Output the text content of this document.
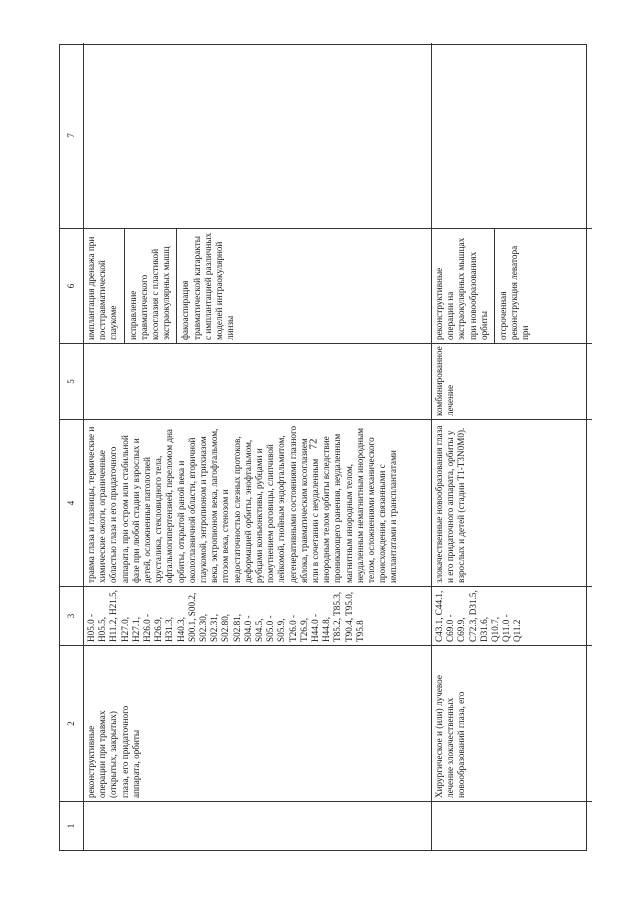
72
1
2
3
4
5
6
7
реконструктивные
операции при травмах
(открытых, закрытых)
глаза, его придаточного
аппарата, орбиты
H05.0 - H05.5,
H11.2, H21.5,
H27.0, H27.1,
H26.0 - H26.9,
H31.3, H40.3,
S00.1, S00.2,
S02.30, S02.31,
S02.80, S02.81,
S04.0 - S04.5,
S05.0 - S05.9,
T26.0 - T26.9,
H44.0 - H44.8,
T85.2, T85.3,
T90.4, T95.0,
T95.8
травма глаза и глазницы, термические и химические ожоги, ограниченные областью глаза и его придаточного аппарата, при остром или стабильной фазе при любой стадии у взрослых и детей, осложненные патологией хрусталика, стекловидного тела, офтальмогипертензией, переломом дна орбиты, открытой раной века и окологлазничной области, вторичной глаукомой, энтропионом и трихиазом века, эктропионом века, лагофтальмом, птозом века, стенозом и недостаточностью слезных протоков, деформацией орбиты, энофтальмом, рубцами конъюнктивы, рубцами и помутнением роговицы, слипчивой лейкомой, гнойным эндофтальмитом, дегенеративными состояниями глазного яблока, травматическим косоглазием или в сочетании с неудаленным инородным телом орбиты вследствие проникающего ранения, неудаленным магнитным инородным телом, неудаленным немагнитным инородным телом, осложнениями механического происхождения, связанными с имплантатами и трансплантатами
имплантация дренажа при посттравматической глаукоме исправление травматического косоглазия с пластикой экстраокулярных мышц факоаспирация травматической катаракты с имплантацией различных моделей интраокулярной линзы
Хирургическое и (или) лучевое лечение злокачественных новообразований глаза, его
C43.1, C44.1,
C69.0 - C69.9,
C72.3, D31.5,
D31.6, Q10.7,
Q11.0 - Q11.2
злокачественные новообразования глаза и его придаточного аппарата, орбиты у взрослых и детей (стадии T1-T3N0M0).
комбинированное лечение
реконструктивные операции на экстраокулярных мышцах при новообразованиях орбиты отсроченная реконструкция леватора при
